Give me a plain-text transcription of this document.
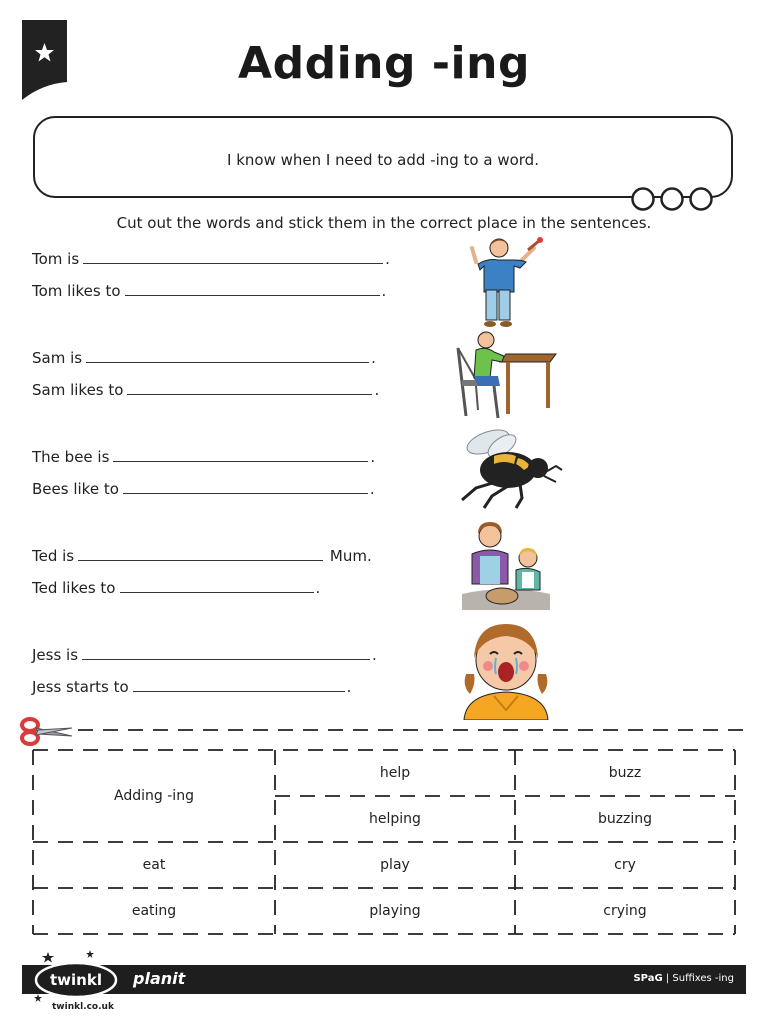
Adding -ing
I know when I need to add -ing to a word.
Cut out the words and stick them in the correct place in the sentences.
Tom is	.
Tom likes to	.
Sam is	.
Sam likes to	.
The bee is	.
Bees like to	.
Ted is	Mum.
Ted likes to	.
Jess is	.
Jess starts to	.
Adding -ing
help	buzz
helping	buzzing
eat	play	cry
eating	playing	crying
twinkl
twinkl.co.uk
planit	SPaG | Suffixes -ing
